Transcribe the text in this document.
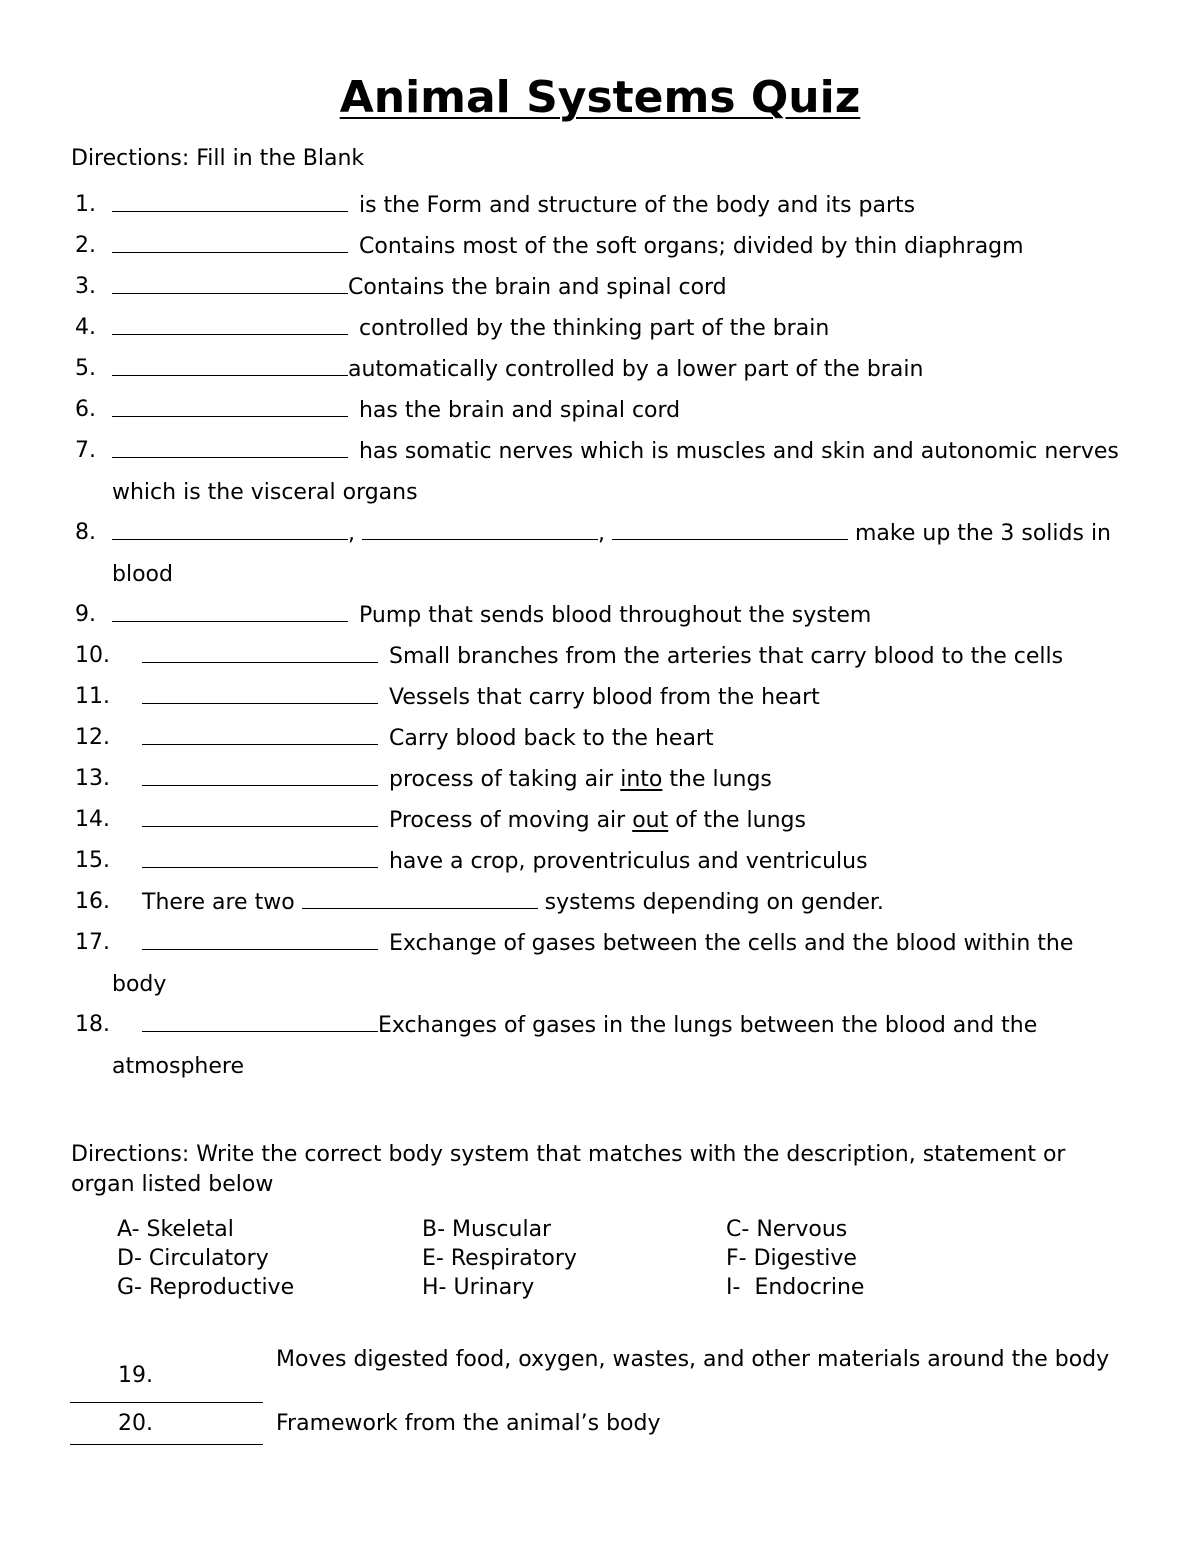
Animal Systems Quiz
Directions: Fill in the Blank
1.	is the Form and structure of the body and its parts
2.	Contains most of the soft organs; divided by thin diaphragm
3.	Contains the brain and spinal cord
4.	controlled by the thinking part of the brain
5.	automatically controlled by a lower part of the brain
6.	has the brain and spinal cord
7.	has somatic nerves which is muscles and skin and autonomic nerves which is the visceral organs
8.	,	,	make up the 3 solids in blood
9.	Pump that sends blood throughout the system
10.	Small branches from the arteries that carry blood to the cells
11.	Vessels that carry blood from the heart
12.	Carry blood back to the heart
13.	process of taking air into the lungs
14.	Process of moving air out of the lungs
15.	have a crop, proventriculus and ventriculus
16. There are two	systems depending on gender.
17.	Exchange of gases between the cells and the blood within the body
18.	Exchanges of gases in the lungs between the blood and the atmosphere
Directions: Write the correct body system that matches with the description, statement or organ listed below
A- Skeletal	B- Muscular	C- Nervous
D- Circulatory	E- Respiratory	F- Digestive
G- Reproductive	H- Urinary	I- Endocrine
19.
Moves digested food, oxygen, wastes, and other materials around the body
20.	Framework from the animal’s body
